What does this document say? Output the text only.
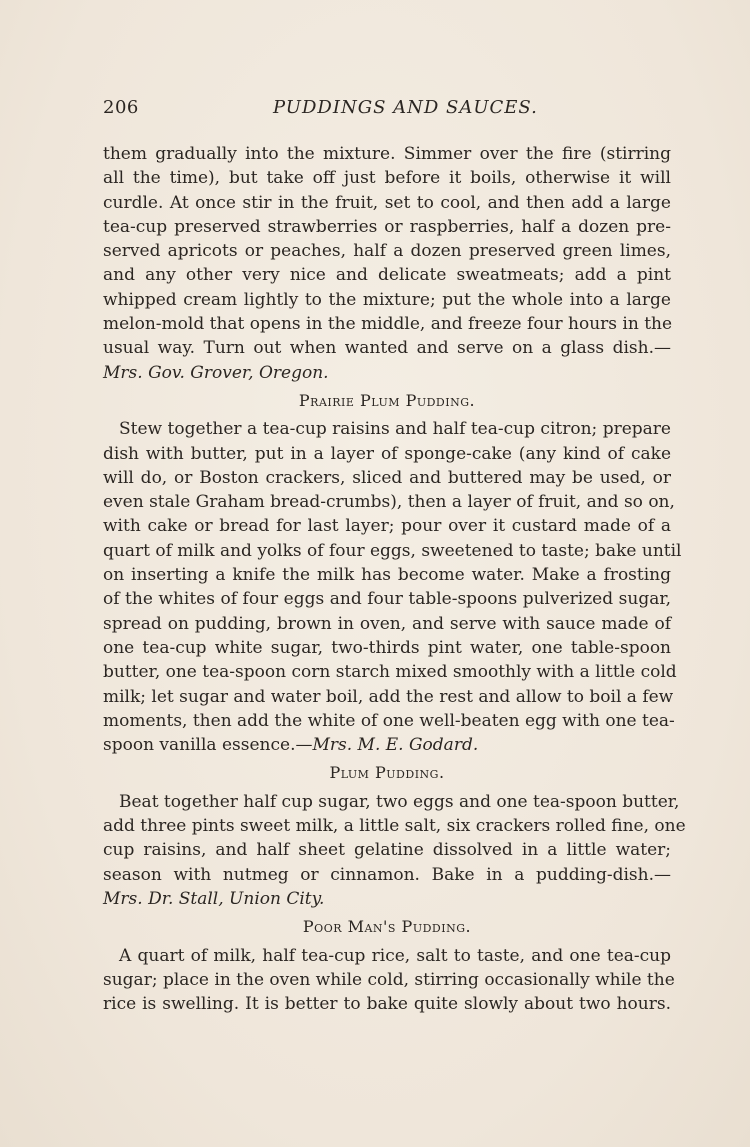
206	PUDDINGS AND SAUCES.
them gradually into the mixture. Simmer over the fire (stirring
all the time), but take off just before it boils, otherwise it will
curdle. At once stir in the fruit, set to cool, and then add a large
tea-cup preserved strawberries or raspberries, half a dozen pre-
served apricots or peaches, half a dozen preserved green limes,
and any other very nice and delicate sweatmeats; add a pint
whipped cream lightly to the mixture; put the whole into a large
melon-mold that opens in the middle, and freeze four hours in the
usual way. Turn out when wanted and serve on a glass dish.—
Mrs. Gov. Grover, Oregon.
Prairie Plum Pudding.
Stew together a tea-cup raisins and half tea-cup citron; prepare
dish with butter, put in a layer of sponge-cake (any kind of cake
will do, or Boston crackers, sliced and buttered may be used, or
even stale Graham bread-crumbs), then a layer of fruit, and so on,
with cake or bread for last layer; pour over it custard made of a
quart of milk and yolks of four eggs, sweetened to taste; bake until
on inserting a knife the milk has become water. Make a frosting
of the whites of four eggs and four table-spoons pulverized sugar,
spread on pudding, brown in oven, and serve with sauce made of
one tea-cup white sugar, two-thirds pint water, one table-spoon
butter, one tea-spoon corn starch mixed smoothly with a little cold
milk; let sugar and water boil, add the rest and allow to boil a few
moments, then add the white of one well-beaten egg with one tea-
spoon vanilla essence.—Mrs. M. E. Godard.
Plum Pudding.
Beat together half cup sugar, two eggs and one tea-spoon butter,
add three pints sweet milk, a little salt, six crackers rolled fine, one
cup raisins, and half sheet gelatine dissolved in a little water;
season with nutmeg or cinnamon. Bake in a pudding-dish.—
Mrs. Dr. Stall, Union City.
Poor Man's Pudding.
A quart of milk, half tea-cup rice, salt to taste, and one tea-cup
sugar; place in the oven while cold, stirring occasionally while the
rice is swelling. It is better to bake quite slowly about two hours.
